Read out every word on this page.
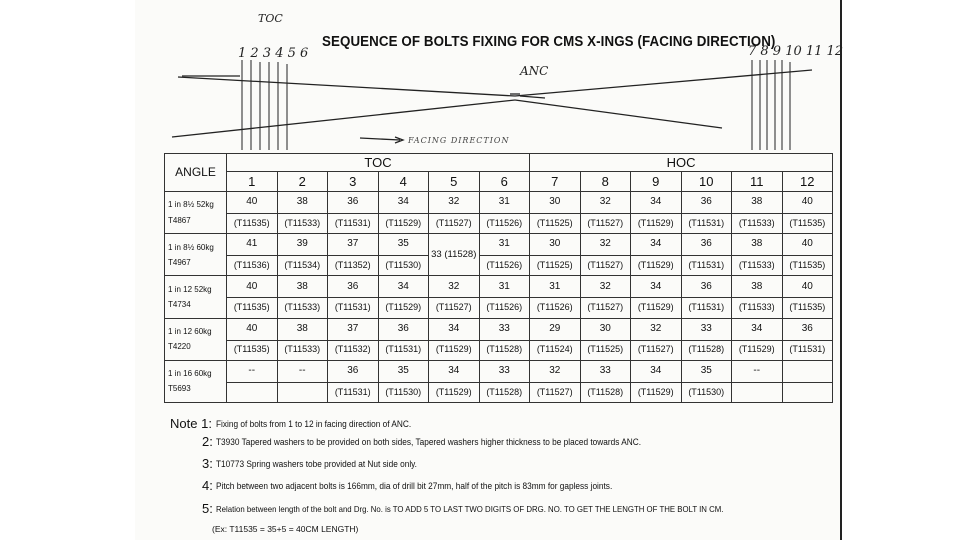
TOC
SEQUENCE OF BOLTS FIXING FOR CMS X-INGS (FACING DIRECTION)
1 2 3 4 5 6	7 8 9 10 11 12
ANC
FACING DIRECTION
ANGLE	TOC						HOC					
	1	2	3	4	5	6	7	8	9	10	11	12

1 in 8½ 52kg
T4867	40	38	36	34	32	31	30	32	34	36	38	40
	(T11535)	(T11533)	(T11531)	(T11529)	(T11527)	(T11526)	(T11525)	(T11527)	(T11529)	(T11531)	(T11533)	(T11535)

1 in 8½ 60kg
T4967	41	39	37	35	33 (11528)	31	30	32	34	36	38	40
	(T11536)	(T11534)	(T11352)	(T11530)		(T11526)	(T11525)	(T11527)	(T11529)	(T11531)	(T11533)	(T11535)

1 in 12 52kg
T4734	40	38	36	34	32	31	31	32	34	36	38	40
	(T11535)	(T11533)	(T11531)	(T11529)	(T11527)	(T11526)	(T11526)	(T11527)	(T11529)	(T11531)	(T11533)	(T11535)

1 in 12 60kg
T4220	40	38	37	36	34	33	29	30	32	33	34	36
	(T11535)	(T11533)	(T11532)	(T11531)	(T11529)	(T11528)	(T11524)	(T11525)	(T11527)	(T11528)	(T11529)	(T11531)

1 in 16 60kg
T5693	--	--	36	35	34	33	32	33	34	35	--	
			(T11531)	(T11530)	(T11529)	(T11528)	(T11527)	(T11528)	(T11529)	(T11530)		
Note 1: Fixing of bolts from 1 to 12 in facing direction of ANC.
2: T3930 Tapered washers to be provided on both sides, Tapered washers higher thickness to be placed towards ANC.
3: T10773 Spring washers tobe provided at Nut side only.
4: Pitch between two adjacent bolts is 166mm, dia of drill bit 27mm, half of the pitch is 83mm for gapless joints.
5: Relation between length of the bolt and Drg. No. is TO ADD 5 TO LAST TWO DIGITS OF DRG. NO. TO GET THE LENGTH OF THE BOLT IN CM.
(Ex: T11535 = 35+5 = 40CM LENGTH)
